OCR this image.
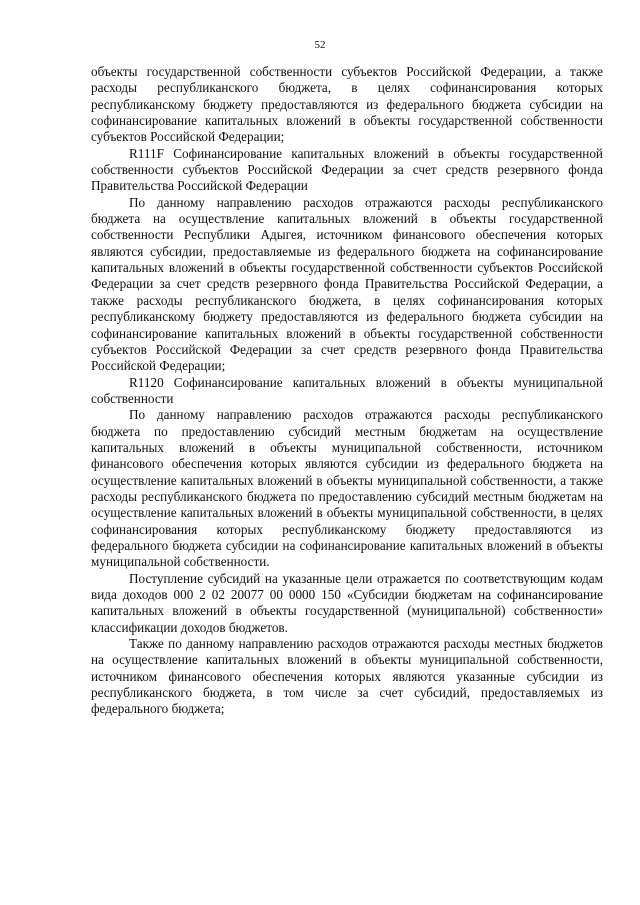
52

объекты государственной собственности субъектов Российской Федерации, а также расходы республиканского бюджета, в целях софинансирования которых республиканскому бюджету предоставляются из федерального бюджета субсидии на софинансирование капитальных вложений в объекты государственной собственности субъектов Российской Федерации;

R111F Софинансирование капитальных вложений в объекты государственной собственности субъектов Российской Федерации за счет средств резервного фонда Правительства Российской Федерации

По данному направлению расходов отражаются расходы республиканского бюджета на осуществление капитальных вложений в объекты государственной собственности Республики Адыгея, источником финансового обеспечения которых являются субсидии, предоставляемые из федерального бюджета на софинансирование капитальных вложений в объекты государственной собственности субъектов Российской Федерации за счет средств резервного фонда Правительства Российской Федерации, а также расходы республиканского бюджета, в целях софинансирования которых республиканскому бюджету предоставляются из федерального бюджета субсидии на софинансирование капитальных вложений в объекты государственной собственности субъектов Российской Федерации за счет средств резервного фонда Правительства Российской Федерации;

R1120 Софинансирование капитальных вложений в объекты муниципальной собственности

По данному направлению расходов отражаются расходы республиканского бюджета по предоставлению субсидий местным бюджетам на осуществление капитальных вложений в объекты муниципальной собственности, источником финансового обеспечения которых являются субсидии из федерального бюджета на осуществление капитальных вложений в объекты муниципальной собственности, а также расходы республиканского бюджета по предоставлению субсидий местным бюджетам на осуществление капитальных вложений в объекты муниципальной собственности, в целях софинансирования которых республиканскому бюджету предоставляются из федерального бюджета субсидии на софинансирование капитальных вложений в объекты муниципальной собственности.

Поступление субсидий на указанные цели отражается по соответствующим кодам вида доходов 000 2 02 20077 00 0000 150 «Субсидии бюджетам на софинансирование капитальных вложений в объекты государственной (муниципальной) собственности» классификации доходов бюджетов.

Также по данному направлению расходов отражаются расходы местных бюджетов на осуществление капитальных вложений в объекты муниципальной собственности, источником финансового обеспечения которых являются указанные субсидии из республиканского бюджета, в том числе за счет субсидий, предоставляемых из федерального бюджета;
